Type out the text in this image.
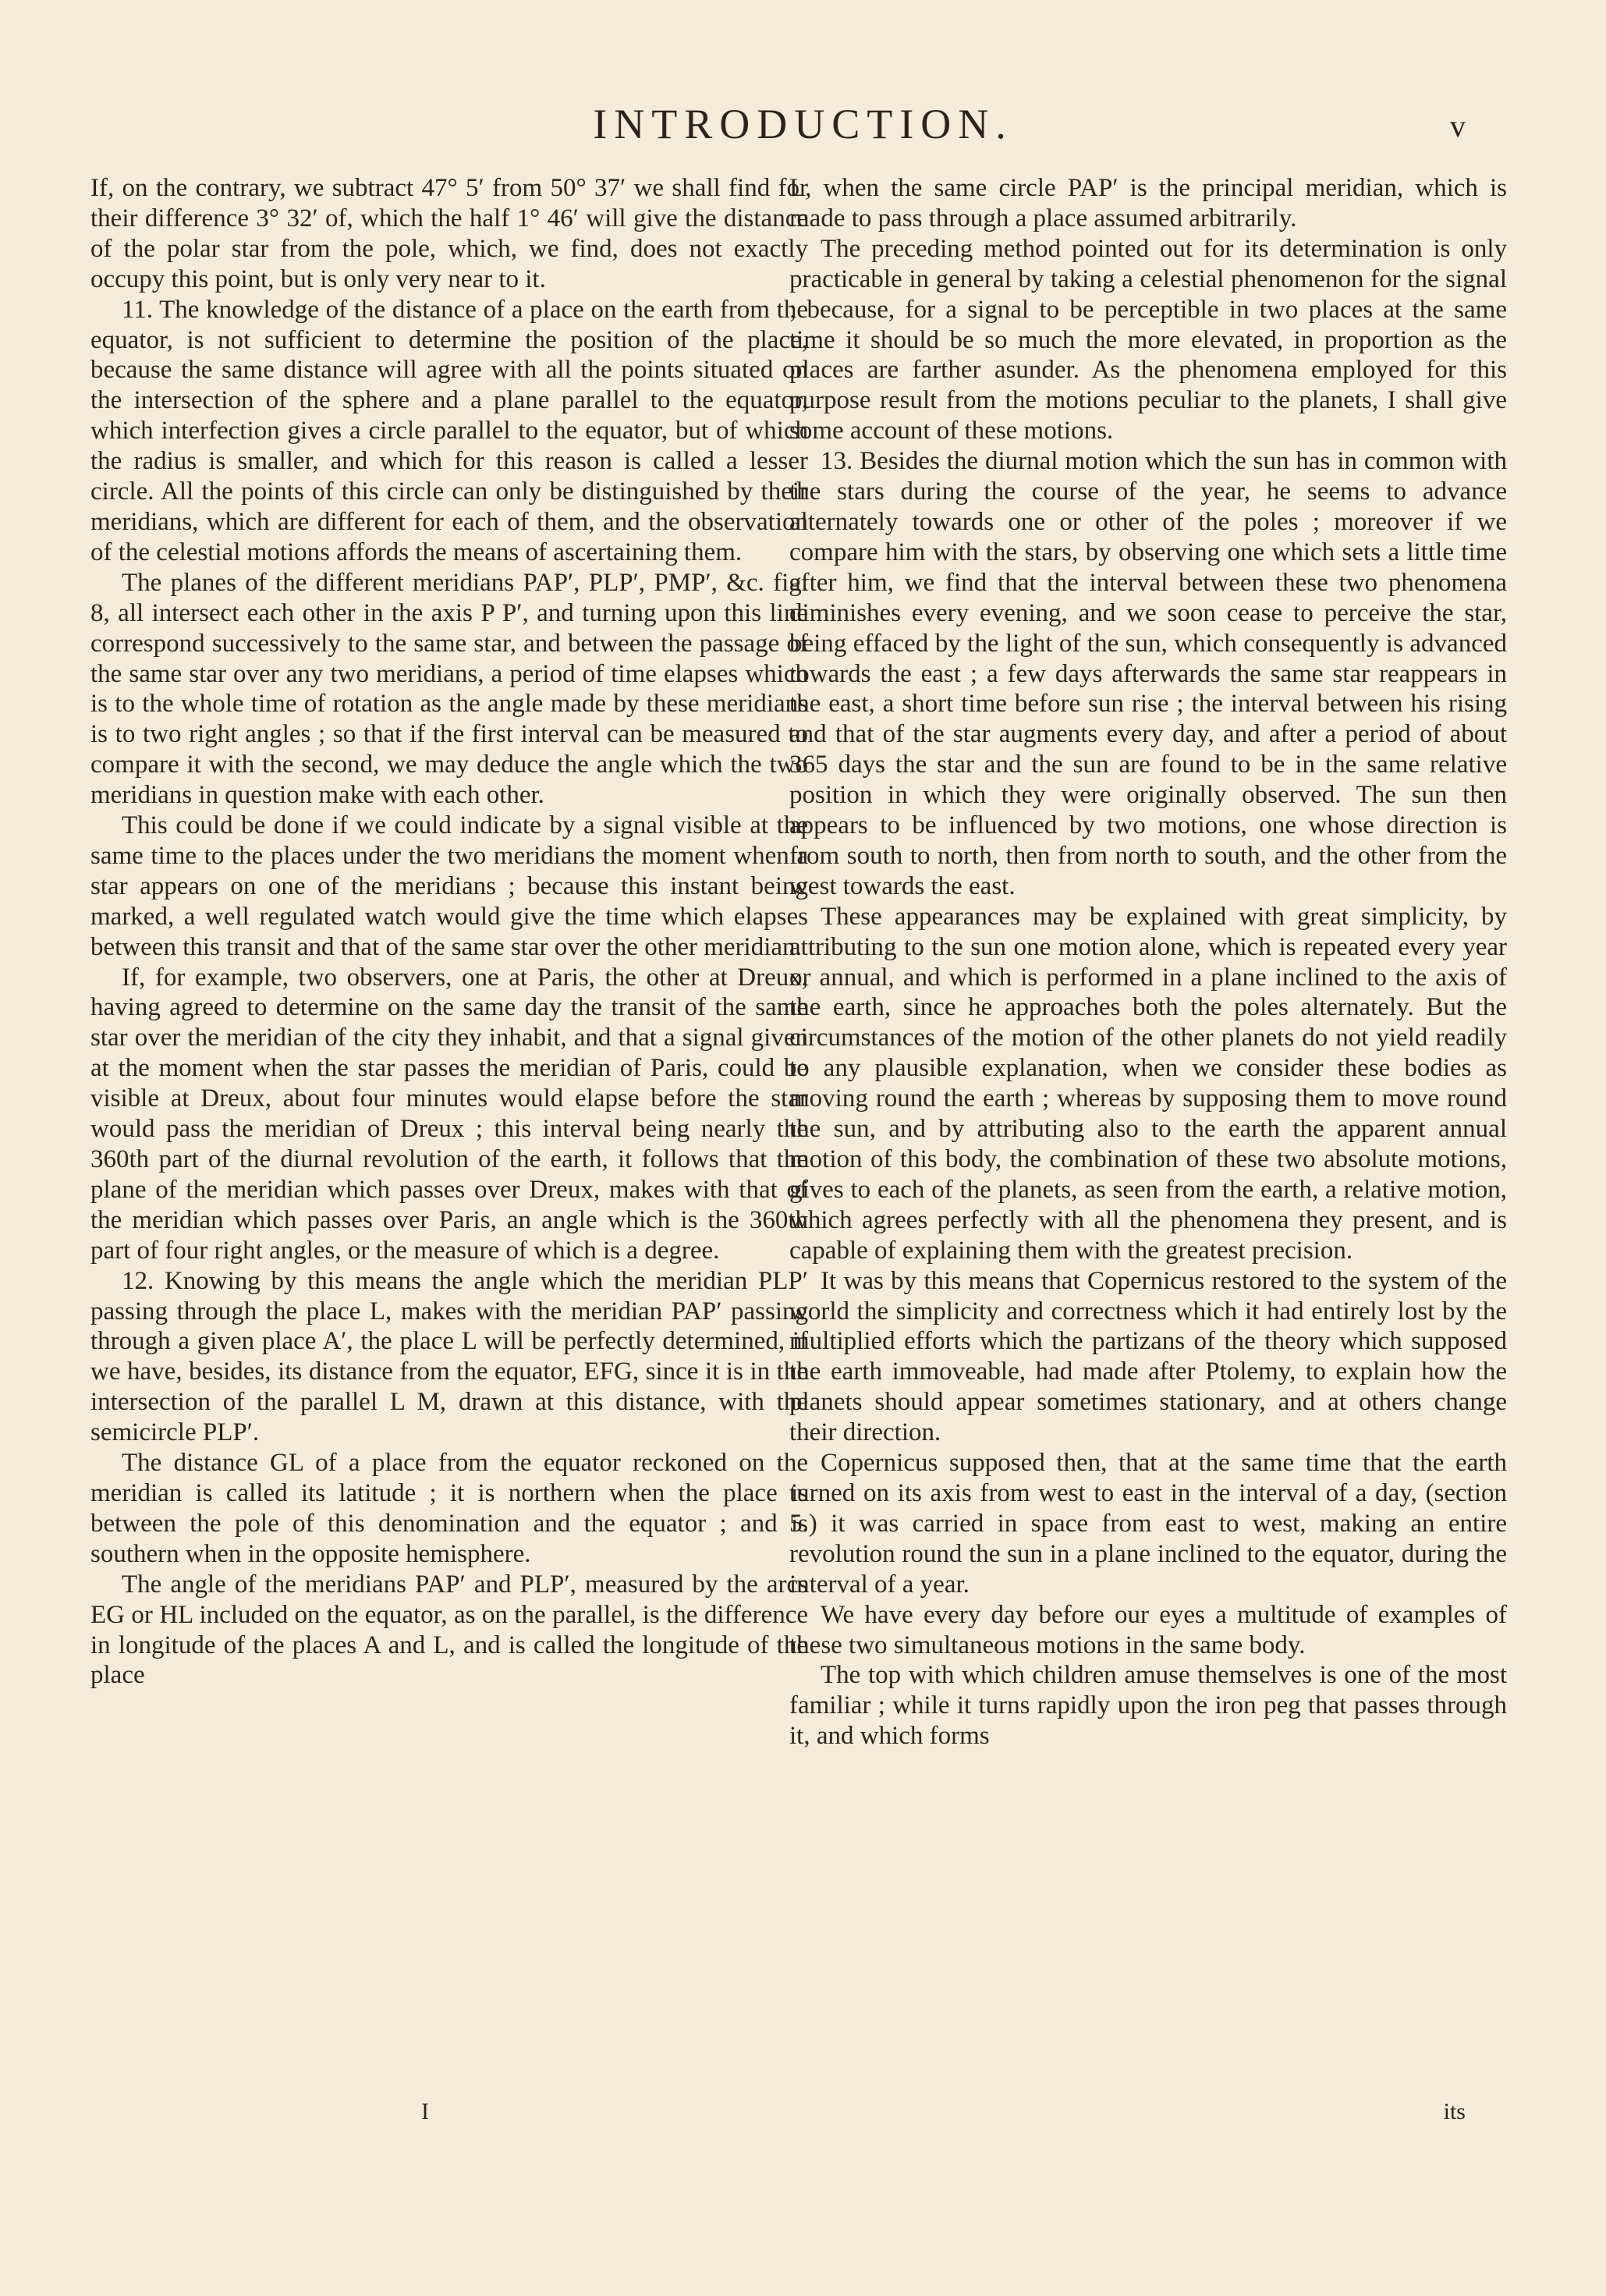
INTRODUCTION.	v

If, on the contrary, we subtract 47° 5′ from 50° 37′ we shall find for their difference 3° 32′ of, which the half 1° 46′ will give the distance of the polar star from the pole, which, we find, does not exactly occupy this point, but is only very near to it.

11. The knowledge of the distance of a place on the earth from the equator, is not sufficient to determine the position of the place, because the same distance will agree with all the points situated on the intersection of the sphere and a plane parallel to the equator, which interfection gives a circle parallel to the equator, but of which the radius is smaller, and which for this reason is called a lesser circle. All the points of this circle can only be distinguished by their meridians, which are different for each of them, and the observation of the celestial motions affords the means of ascertaining them.

The planes of the different meridians PAP′, PLP′, PMP′, &c. fig. 8, all intersect each other in the axis P P′, and turning upon this line correspond successively to the same star, and between the passage of the same star over any two meridians, a period of time elapses which is to the whole time of rotation as the angle made by these meridians is to two right angles ; so that if the first interval can be measured to compare it with the second, we may deduce the angle which the two meridians in question make with each other.

This could be done if we could indicate by a signal visible at the same time to the places under the two meridians the moment when a star appears on one of the meridians ; because this instant being marked, a well regulated watch would give the time which elapses between this transit and that of the same star over the other meridian.

If, for example, two observers, one at Paris, the other at Dreux, having agreed to determine on the same day the transit of the same star over the meridian of the city they inhabit, and that a signal given at the moment when the star passes the meridian of Paris, could be visible at Dreux, about four minutes would elapse before the star would pass the meridian of Dreux ; this interval being nearly the 360th part of the diurnal revolution of the earth, it follows that the plane of the meridian which passes over Dreux, makes with that of the meridian which passes over Paris, an angle which is the 360th part of four right angles, or the measure of which is a degree.

12. Knowing by this means the angle which the meridian PLP′ passing through the place L, makes with the meridian PAP′ passing through a given place A′, the place L will be perfectly determined, if we have, besides, its distance from the equator, EFG, since it is in the intersection of the parallel L M, drawn at this distance, with the semicircle PLP′.

The distance GL of a place from the equator reckoned on the meridian is called its latitude ; it is northern when the place is between the pole of this denomination and the equator ; and is southern when in the opposite hemisphere.

The angle of the meridians PAP′ and PLP′, measured by the arcs EG or HL included on the equator, as on the parallel, is the difference in longitude of the places A and L, and is called the longitude of the place

L, when the same circle PAP′ is the principal meridian, which is made to pass through a place assumed arbitrarily.

The preceding method pointed out for its determination is only practicable in general by taking a celestial phenomenon for the signal ; because, for a signal to be perceptible in two places at the same time it should be so much the more elevated, in proportion as the places are farther asunder. As the phenomena employed for this purpose result from the motions peculiar to the planets, I shall give some account of these motions.

13. Besides the diurnal motion which the sun has in common with the stars during the course of the year, he seems to advance alternately towards one or other of the poles ; moreover if we compare him with the stars, by observing one which sets a little time after him, we find that the interval between these two phenomena diminishes every evening, and we soon cease to perceive the star, being effaced by the light of the sun, which consequently is advanced towards the east ; a few days afterwards the same star reappears in the east, a short time before sun rise ; the interval between his rising and that of the star augments every day, and after a period of about 365 days the star and the sun are found to be in the same relative position in which they were originally observed. The sun then appears to be influenced by two motions, one whose direction is from south to north, then from north to south, and the other from the west towards the east.

These appearances may be explained with great simplicity, by attributing to the sun one motion alone, which is repeated every year or annual, and which is performed in a plane inclined to the axis of the earth, since he approaches both the poles alternately. But the circumstances of the motion of the other planets do not yield readily to any plausible explanation, when we consider these bodies as moving round the earth ; whereas by supposing them to move round the sun, and by attributing also to the earth the apparent annual motion of this body, the combination of these two absolute motions, gives to each of the planets, as seen from the earth, a relative motion, which agrees perfectly with all the phenomena they present, and is capable of explaining them with the greatest precision.

It was by this means that Copernicus restored to the system of the world the simplicity and correctness which it had entirely lost by the multiplied efforts which the partizans of the theory which supposed the earth immoveable, had made after Ptolemy, to explain how the planets should appear sometimes stationary, and at others change their direction.

Copernicus supposed then, that at the same time that the earth turned on its axis from west to east in the interval of a day, (section 5.) it was carried in space from east to west, making an entire revolution round the sun in a plane inclined to the equator, during the interval of a year.

We have every day before our eyes a multitude of examples of these two simultaneous motions in the same body.

The top with which children amuse themselves is one of the most familiar ; while it turns rapidly upon the iron peg that passes through it, and which forms

I	its
